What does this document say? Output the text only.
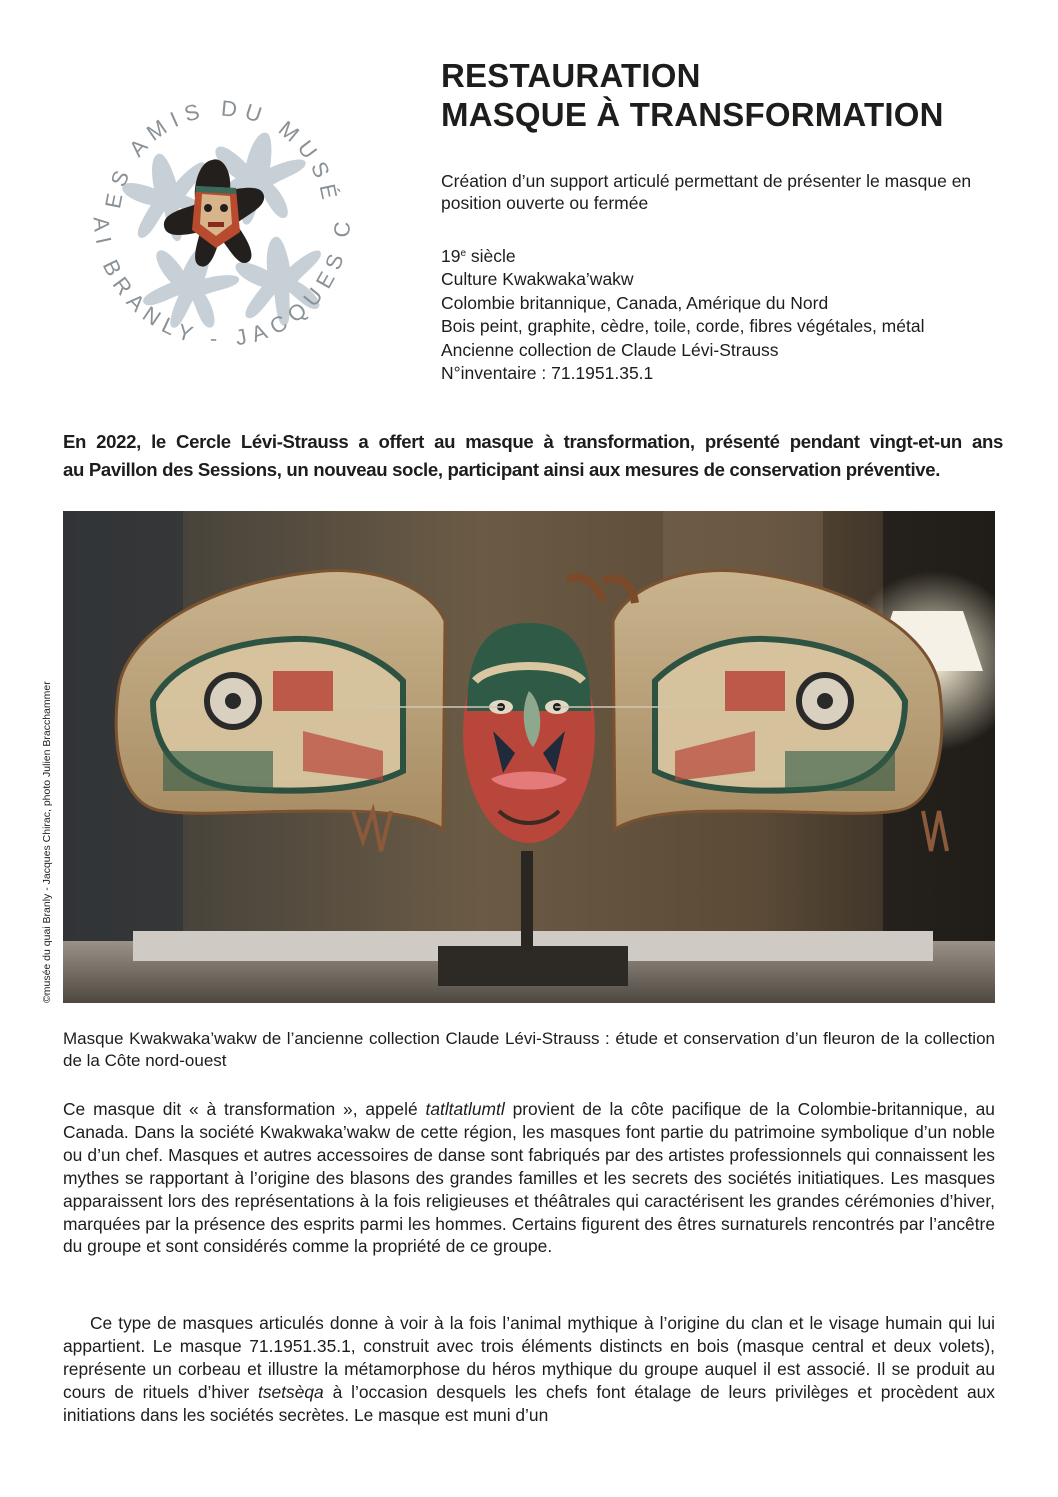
ES AMIS DU MUSÉ
AI BRANLY - JACQUES C
RESTAURATION
MASQUE À TRANSFORMATION
Création d’un support articulé permettant de présenter le masque en position ouverte ou fermée
19e siècle
Culture Kwakwaka’wakw
Colombie britannique, Canada, Amérique du Nord
Bois peint, graphite, cèdre, toile, corde, fibres végétales, métal
Ancienne collection de Claude Lévi-Strauss
N°inventaire : 71.1951.35.1
En 2022, le Cercle Lévi-Strauss a offert au masque à transformation, présenté pendant vingt-et-un ans
au Pavillon des Sessions, un nouveau socle, participant ainsi aux mesures de conservation préventive.
©musée du quai Branly - Jacques Chirac, photo Julien Bracchammer
Masque Kwakwaka’wakw de l’ancienne collection Claude Lévi-Strauss : étude et conservation d’un fleuron de la collection de la Côte nord-ouest
Ce masque dit « à transformation », appelé tatltatlumtl provient de la côte pacifique de la Colombie-britannique, au Canada. Dans la société Kwakwaka’wakw de cette région, les masques font partie du patrimoine symbolique d’un noble ou d’un chef. Masques et autres accessoires de danse sont fabriqués par des artistes professionnels qui connaissent les mythes se rapportant à l’origine des blasons des grandes familles et les secrets des sociétés initiatiques. Les masques apparaissent lors des représentations à la fois religieuses et théâtrales qui caractérisent les grandes cérémonies d’hiver, marquées par la présence des esprits parmi les hommes. Certains figurent des êtres surnaturels rencontrés par l’ancêtre du groupe et sont considérés comme la propriété de ce groupe.
Ce type de masques articulés donne à voir à la fois l’animal mythique à l’origine du clan et le visage humain qui lui appartient. Le masque 71.1951.35.1, construit avec trois éléments distincts en bois (masque central et deux volets), représente un corbeau et illustre la métamorphose du héros mythique du groupe auquel il est associé. Il se produit au cours de rituels d’hiver tsetsèqa à l’occasion desquels les chefs font étalage de leurs privilèges et procèdent aux initiations dans les sociétés secrètes. Le masque est muni d’un
